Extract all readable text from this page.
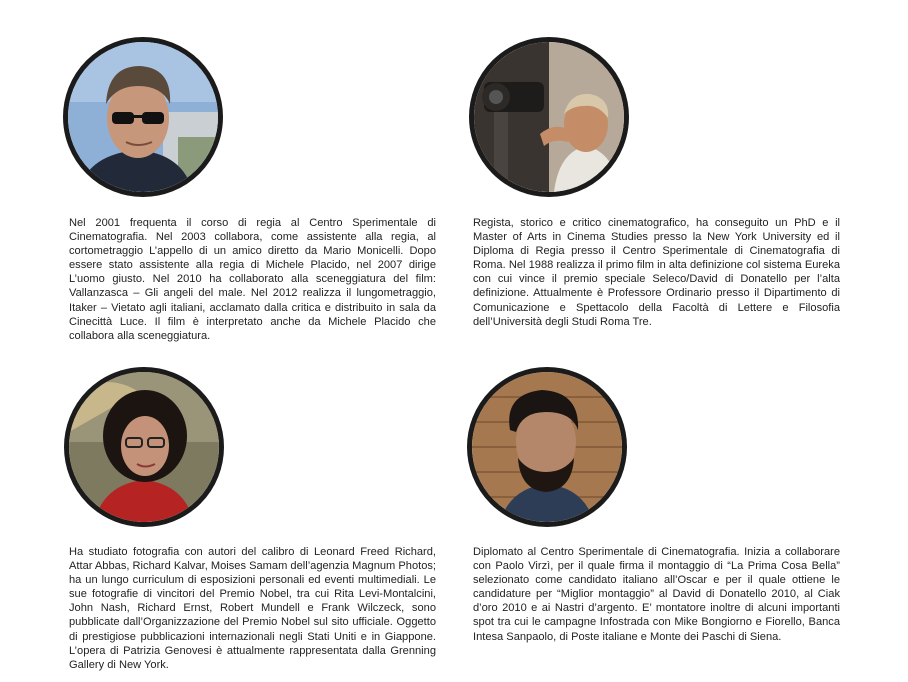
Nel 2001 frequenta il corso di regia al Centro Sperimentale di Cinematografia. Nel 2003 collabora, come assistente alla regia, al cortometraggio L’appello di un amico diretto da Mario Monicelli. Dopo essere stato assistente alla regia di Michele Placido, nel 2007 dirige L’uomo giusto. Nel 2010 ha collaborato alla sceneggiatura del film: Vallanzasca – Gli angeli del male. Nel 2012 realizza il lungometraggio, Itaker – Vietato agli italiani, acclamato dalla critica e distribuito in sala da Cinecittà Luce. Il film è interpretato anche da Michele Placido che collabora alla sceneggiatura.

Regista, storico e critico cinematografico, ha conseguito un PhD e il Master of Arts in Cinema Studies presso la New York University ed il Diploma di Regia presso il Centro Sperimentale di Cinematografia di Roma. Nel 1988 realizza il primo film in alta definizione col sistema Eureka con cui vince il premio speciale Seleco/David di Donatello per l’alta definizione. Attualmente è Professore Ordinario presso il Dipartimento di Comunicazione e Spettacolo della Facoltà di Lettere e Filosofia dell’Università degli Studi Roma Tre.

Ha studiato fotografia con autori del calibro di Leonard Freed Richard, Attar Abbas, Richard Kalvar, Moises Samam dell’agenzia Magnum Photos; ha un lungo curriculum di esposizioni personali ed eventi multimediali. Le sue fotografie di vincitori del Premio Nobel, tra cui Rita Levi-Montalcini, John Nash, Richard Ernst, Robert Mundell e Frank Wilczeck, sono pubblicate dall’Organizzazione del Premio Nobel sul sito ufficiale. Oggetto di prestigiose pubblicazioni internazionali negli Stati Uniti e in Giappone. L’opera di Patrizia Genovesi è attualmente rappresentata dalla Grenning Gallery di New York.

Diplomato al Centro Sperimentale di Cinematografia. Inizia a collaborare con Paolo Virzì, per il quale firma il montaggio di “La Prima Cosa Bella” selezionato come candidato italiano all’Oscar e per il quale ottiene le candidature per “Miglior montaggio” al David di Donatello 2010, al Ciak d’oro 2010 e ai Nastri d’argento. E’ montatore inoltre di alcuni importanti spot tra cui le campagne Infostrada con Mike Bongiorno e Fiorello, Banca Intesa Sanpaolo, di Poste italiane e Monte dei Paschi di Siena.
